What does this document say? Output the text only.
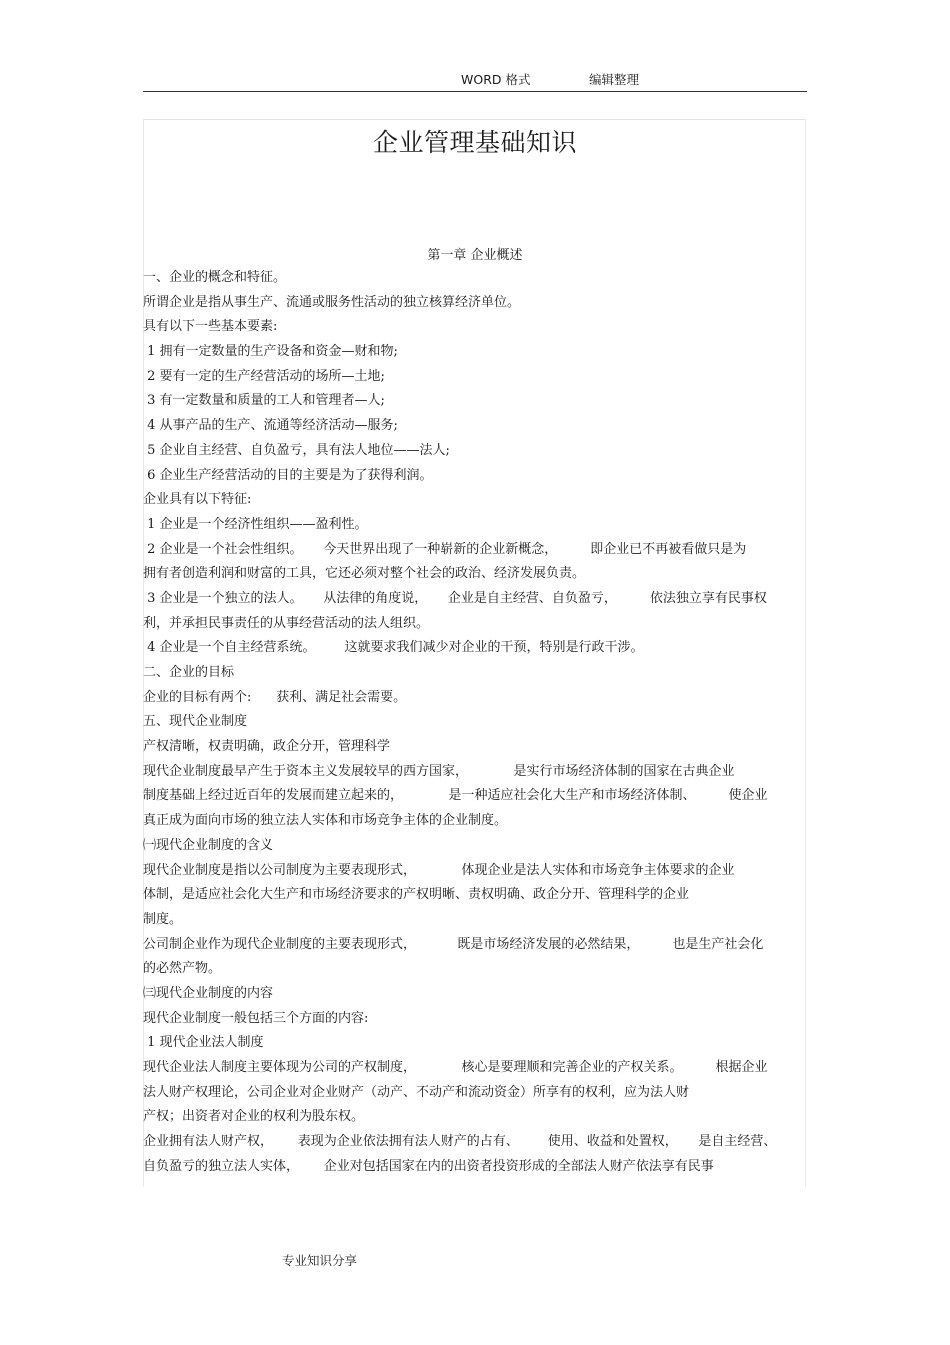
WORD 格式	编辑整理
企业管理基础知识
第一章 企业概述
一、企业的概念和特征。
所谓企业是指从事生产、流通或服务性活动的独立核算经济单位。
具有以下一些基本要素:
1 拥有一定数量的生产设备和资金—财和物;
2 要有一定的生产经营活动的场所—土地;
3 有一定数量和质量的工人和管理者—人;
4 从事产品的生产、流通等经济活动—服务;
5 企业自主经营、自负盈亏，具有法人地位——法人;
6 企业生产经营活动的目的主要是为了获得利润。
企业具有以下特征:
1 企业是一个经济性组织——盈利性。
2 企业是一个社会性组织。     今天世界出现了一种崭新的企业新概念，        即企业已不再被看做只是为
拥有者创造利润和财富的工具，它还必须对整个社会的政治、经济发展负责。
3 企业是一个独立的法人。     从法律的角度说，     企业是自主经营、自负盈亏，        依法独立享有民事权
利，并承担民事责任的从事经营活动的法人组织。
4 企业是一个自主经营系统。       这就要求我们减少对企业的干预，特别是行政干涉。
二、企业的目标
企业的目标有两个:      获利、满足社会需要。
五、现代企业制度
产权清晰，权责明确，政企分开，管理科学
现代企业制度最早产生于资本主义发展较早的西方国家，           是实行市场经济体制的国家在古典企业
制度基础上经过近百年的发展而建立起来的，           是一种适应社会化大生产和市场经济体制、        使企业
真正成为面向市场的独立法人实体和市场竞争主体的企业制度。
㈠现代企业制度的含义
现代企业制度是指以公司制度为主要表现形式，           体现企业是法人实体和市场竞争主体要求的企业
体制，是适应社会化大生产和市场经济要求的产权明晰、责权明确、政企分开、管理科学的企业
制度。
公司制企业作为现代企业制度的主要表现形式，          既是市场经济发展的必然结果，        也是生产社会化
的必然产物。
㈢现代企业制度的内容
现代企业制度一般包括三个方面的内容:
1 现代企业法人制度
现代企业法人制度主要体现为公司的产权制度，           核心是要理顺和完善企业的产权关系。        根据企业
法人财产权理论，公司企业对企业财产（动产、不动产和流动资金）所享有的权利，应为法人财
产权；出资者对企业的权利为股东权。
企业拥有法人财产权，      表现为企业依法拥有法人财产的占有、       使用、收益和处置权，     是自主经营、
自负盈亏的独立法人实体，      企业对包括国家在内的出资者投资形成的全部法人财产依法享有民事
专业知识分享
